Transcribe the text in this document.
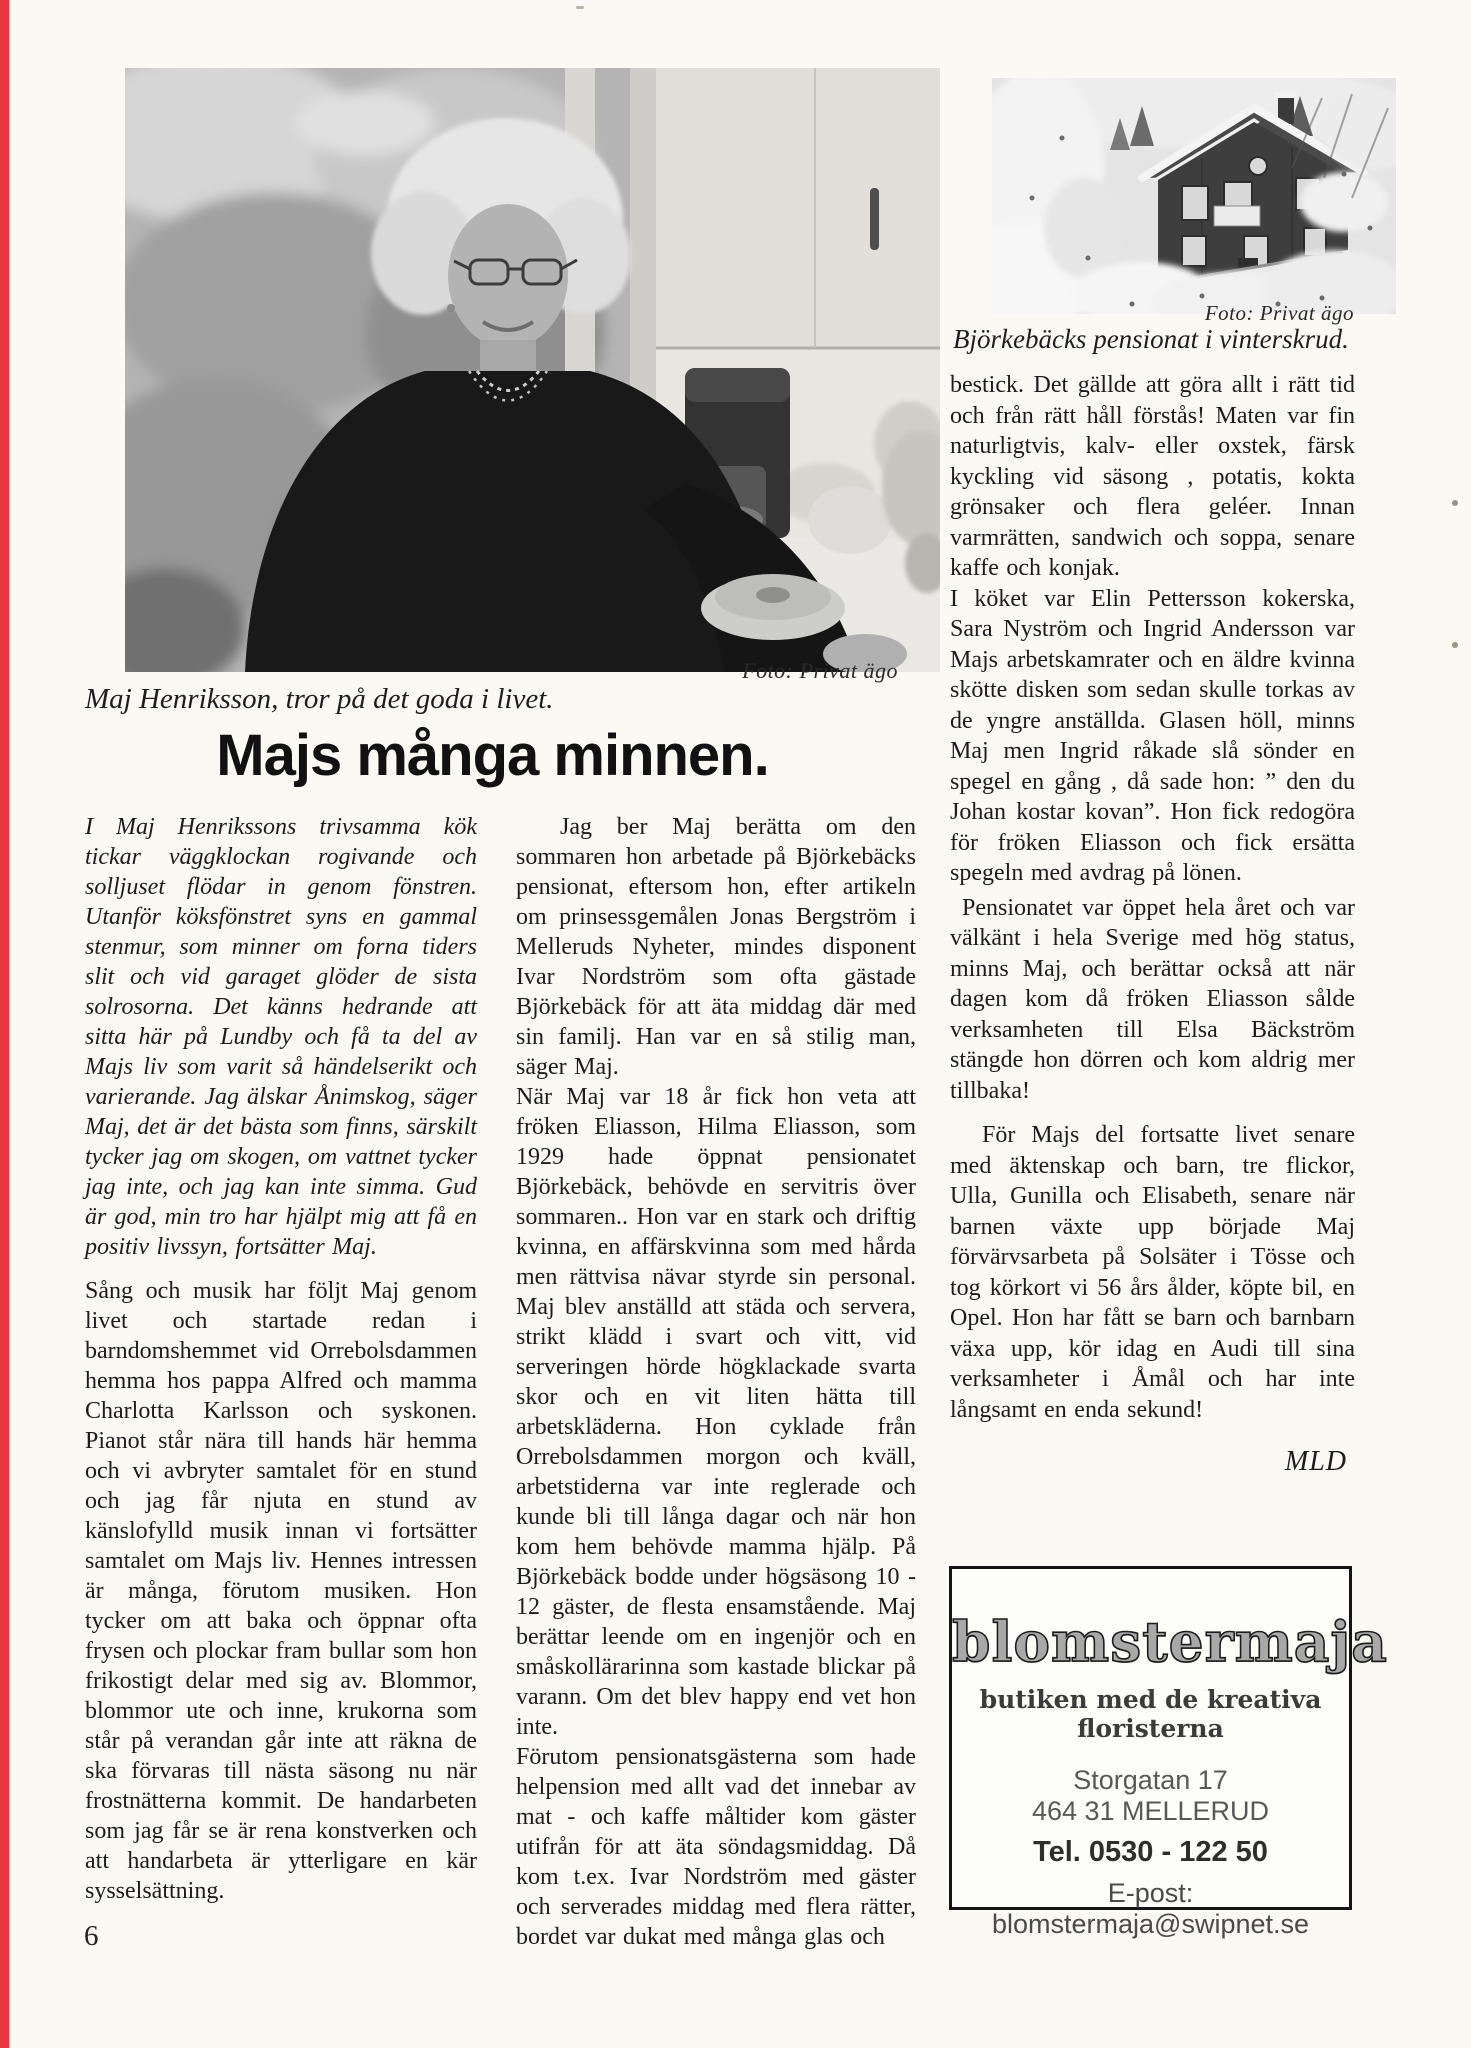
Foto: Privat ägo
Maj Henriksson, tror på det goda i livet.
Majs många minnen.

I Maj Henrikssons trivsamma kök tickar väggklockan rogivande och solljuset flödar in genom fönstren. Utanför köksfönstret syns en gammal stenmur, som minner om forna tiders slit och vid garaget glöder de sista solrosorna. Det känns hedrande att sitta här på Lundby och få ta del av Majs liv som varit så händelserikt och varierande. Jag älskar Ånimskog, säger Maj, det är det bästa som finns, särskilt tycker jag om skogen, om vattnet tycker jag inte, och jag kan inte simma. Gud är god, min tro har hjälpt mig att få en positiv livssyn, fortsätter Maj.

Sång och musik har följt Maj genom livet och startade redan i barndomshemmet vid Orrebolsdammen hemma hos pappa Alfred och mamma Charlotta Karlsson och syskonen. Pianot står nära till hands här hemma och vi avbryter samtalet för en stund och jag får njuta en stund av känslofylld musik innan vi fortsätter samtalet om Majs liv. Hennes intressen är många, förutom musiken. Hon tycker om att baka och öppnar ofta frysen och plockar fram bullar som hon frikostigt delar med sig av. Blommor, blommor ute och inne, krukorna som står på verandan går inte att räkna de ska förvaras till nästa säsong nu när frostnätterna kommit. De handarbeten som jag får se är rena konstverken och att handarbeta är ytterligare en kär sysselsättning.

Jag ber Maj berätta om den sommaren hon arbetade på Björkebäcks pensionat, eftersom hon, efter artikeln om prinsessgemålen Jonas Bergström i Melleruds Nyheter, mindes disponent Ivar Nordström som ofta gästade Björkebäck för att äta middag där med sin familj. Han var en så stilig man, säger Maj.

När Maj var 18 år fick hon veta att fröken Eliasson, Hilma Eliasson, som 1929 hade öppnat pensionatet Björkebäck, behövde en servitris över sommaren.. Hon var en stark och driftig kvinna, en affärskvinna som med hårda men rättvisa nävar styrde sin personal. Maj blev anställd att städa och servera, strikt klädd i svart och vitt, vid serveringen hörde högklackade svarta skor och en vit liten hätta till arbetskläderna. Hon cyklade från Orrebolsdammen morgon och kväll, arbetstiderna var inte reglerade och kunde bli till långa dagar och när hon kom hem behövde mamma hjälp. På Björkebäck bodde under högsäsong 10 - 12 gäster, de flesta ensamstående. Maj berättar leende om en ingenjör och en småskollärarinna som kastade blickar på varann. Om det blev happy end vet hon inte.

Förutom pensionatsgästerna som hade helpension med allt vad det innebar av mat - och kaffe måltider kom gäster utifrån för att äta söndagsmiddag. Då kom t.ex. Ivar Nordström med gäster och serverades middag med flera rätter, bordet var dukat med många glas och

Foto: Privat ägo
Björkebäcks pensionat i vinterskrud.

bestick. Det gällde att göra allt i rätt tid och från rätt håll förstås! Maten var fin naturligtvis, kalv- eller oxstek, färsk kyckling vid säsong , potatis, kokta grönsaker och flera geléer. Innan varmrätten, sandwich och soppa, senare kaffe och konjak.

I köket var Elin Pettersson kokerska, Sara Nyström och Ingrid Andersson var Majs arbetskamrater och en äldre kvinna skötte disken som sedan skulle torkas av de yngre anställda. Glasen höll, minns Maj men Ingrid råkade slå sönder en spegel en gång , då sade hon: ” den du Johan kostar kovan”. Hon fick redogöra för fröken Eliasson och fick ersätta spegeln med avdrag på lönen.

Pensionatet var öppet hela året och var välkänt i hela Sverige med hög status, minns Maj, och berättar också att när dagen kom då fröken Eliasson sålde verksamheten till Elsa Bäckström stängde hon dörren och kom aldrig mer tillbaka!

För Majs del fortsatte livet senare med äktenskap och barn, tre flickor, Ulla, Gunilla och Elisabeth, senare när barnen växte upp började Maj förvärvsarbeta på Solsäter i Tösse och tog körkort vi 56 års ålder, köpte bil, en Opel. Hon har fått se barn och barnbarn växa upp, kör idag en Audi till sina verksamheter i Åmål och har inte långsamt en enda sekund!

MLD
blomstermaja
butiken med de kreativa floristerna
Storgatan 17
464 31 MELLERUD
Tel. 0530 - 122 50
E-post: blomstermaja@swipnet.se
6
